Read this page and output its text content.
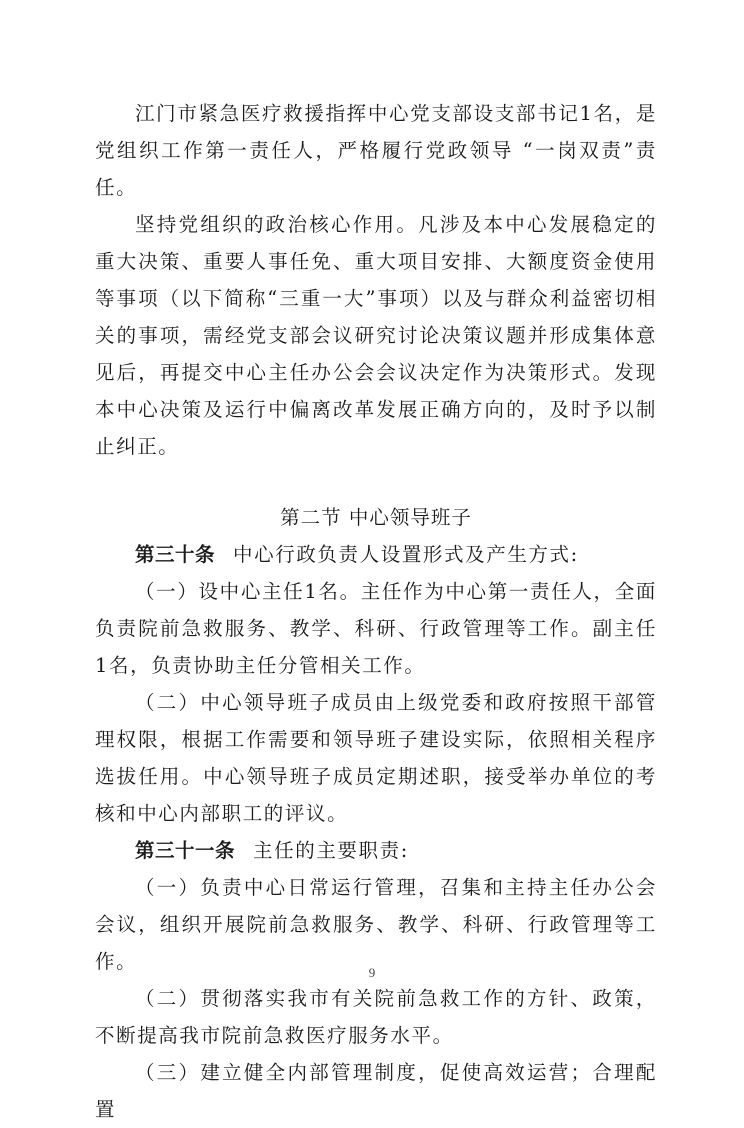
江门市紧急医疗救援指挥中心党支部设支部书记1名，是党组织工作第一责任人，严格履行党政领导 “一岗双责”责任。

坚持党组织的政治核心作用。凡涉及本中心发展稳定的重大决策、重要人事任免、重大项目安排、大额度资金使用等事项（以下简称“三重一大”事项）以及与群众利益密切相关的事项，需经党支部会议研究讨论决策议题并形成集体意见后，再提交中心主任办公会会议决定作为决策形式。发现本中心决策及运行中偏离改革发展正确方向的，及时予以制止纠正。

第二节 中心领导班子

第三十条 中心行政负责人设置形式及产生方式:

（一）设中心主任1名。主任作为中心第一责任人，全面负责院前急救服务、教学、科研、行政管理等工作。副主任1名，负责协助主任分管相关工作。

（二）中心领导班子成员由上级党委和政府按照干部管理权限，根据工作需要和领导班子建设实际，依照相关程序选拔任用。中心领导班子成员定期述职，接受举办单位的考核和中心内部职工的评议。

第三十一条 主任的主要职责:

（一）负责中心日常运行管理，召集和主持主任办公会会议，组织开展院前急救服务、教学、科研、行政管理等工作。

（二）贯彻落实我市有关院前急救工作的方针、政策，不断提高我市院前急救医疗服务水平。

（三）建立健全内部管理制度，促使高效运营；合理配置

9
